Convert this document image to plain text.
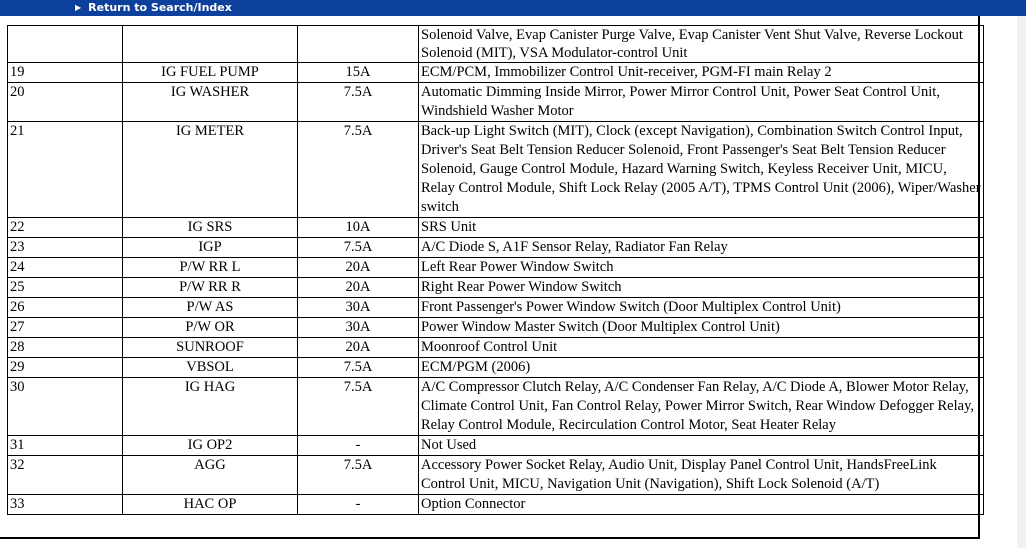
▶ Return to Search/Index
			Solenoid Valve, Evap Canister Purge Valve, Evap Canister Vent Shut Valve, Reverse Lockout Solenoid (MIT), VSA Modulator-control Unit
19	IG FUEL PUMP	15A	ECM/PCM, Immobilizer Control Unit-receiver, PGM-FI main Relay 2
20	IG WASHER	7.5A	Automatic Dimming Inside Mirror, Power Mirror Control Unit, Power Seat Control Unit, Windshield Washer Motor
21	IG METER	7.5A	Back-up Light Switch (MIT), Clock (except Navigation), Combination Switch Control Input, Driver's Seat Belt Tension Reducer Solenoid, Front Passenger's Seat Belt Tension Reducer Solenoid, Gauge Control Module, Hazard Warning Switch, Keyless Receiver Unit, MICU, Relay Control Module, Shift Lock Relay (2005 A/T), TPMS Control Unit (2006), Wiper/Washer switch
22	IG SRS	10A	SRS Unit
23	IGP	7.5A	A/C Diode S, A1F Sensor Relay, Radiator Fan Relay
24	P/W RR L	20A	Left Rear Power Window Switch
25	P/W RR R	20A	Right Rear Power Window Switch
26	P/W AS	30A	Front Passenger's Power Window Switch (Door Multiplex Control Unit)
27	P/W OR	30A	Power Window Master Switch (Door Multiplex Control Unit)
28	SUNROOF	20A	Moonroof Control Unit
29	VBSOL	7.5A	ECM/PGM (2006)
30	IG HAG	7.5A	A/C Compressor Clutch Relay, A/C Condenser Fan Relay, A/C Diode A, Blower Motor Relay, Climate Control Unit, Fan Control Relay, Power Mirror Switch, Rear Window Defogger Relay, Relay Control Module, Recirculation Control Motor, Seat Heater Relay
31	IG OP2	-	Not Used
32	AGG	7.5A	Accessory Power Socket Relay, Audio Unit, Display Panel Control Unit, HandsFreeLink Control Unit, MICU, Navigation Unit (Navigation), Shift Lock Solenoid (A/T)
33	HAC OP	-	Option Connector
